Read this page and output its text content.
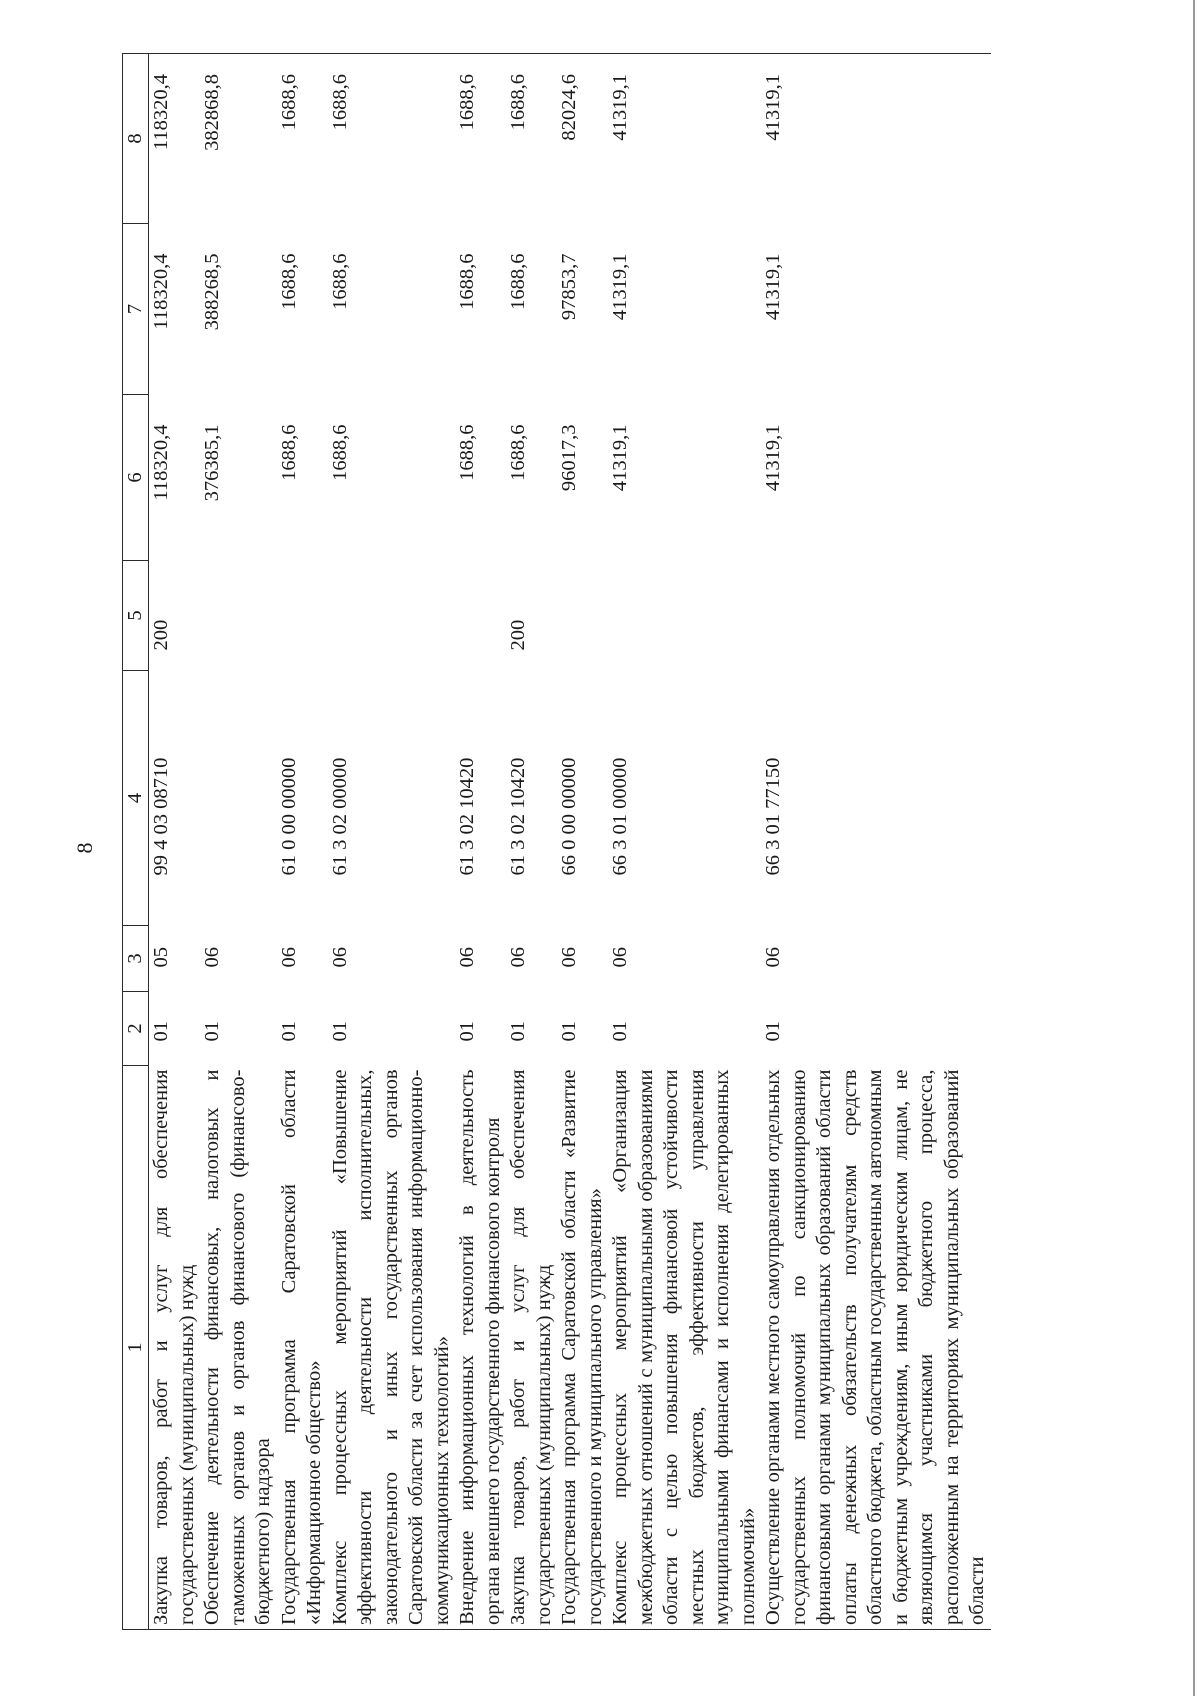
8
1	2	3	4	5	6	7	8
Закупка товаров, работ и услуг для обеспечения государственных (муниципальных) нужд	01	05	99 4 03 08710	200	118320,4	118320,4	118320,4
Обеспечение деятельности финансовых, налоговых и таможенных органов и органов финансового (финансово-бюджетного) надзора	01	06			376385,1	388268,5	382868,8
Государственная программа Саратовской области «Информационное общество»	01	06	61 0 00 00000		1688,6	1688,6	1688,6
Комплекс процессных мероприятий «Повышение эффективности деятельности исполнительных, законодательного и иных государственных органов Саратовской области за счет использования информационно-коммуникационных технологий»	01	06	61 3 02 00000		1688,6	1688,6	1688,6
Внедрение информационных технологий в деятельность органа внешнего государственного финансового контроля	01	06	61 3 02 10420		1688,6	1688,6	1688,6
Закупка товаров, работ и услуг для обеспечения государственных (муниципальных) нужд	01	06	61 3 02 10420	200	1688,6	1688,6	1688,6
Государственная программа Саратовской области «Развитие государственного и муниципального управления»	01	06	66 0 00 00000		96017,3	97853,7	82024,6
Комплекс процессных мероприятий «Организация межбюджетных отношений с муниципальными образованиями области с целью повышения финансовой устойчивости местных бюджетов, эффективности управления муниципальными финансами и исполнения делегированных полномочий»	01	06	66 3 01 00000		41319,1	41319,1	41319,1
Осуществление органами местного самоуправления отдельных государственных полномочий по санкционированию финансовыми органами муниципальных образований области оплаты денежных обязательств получателям средств областного бюджета, областным государственным автономным и бюджетным учреждениям, иным юридическим лицам, не являющимся участниками бюджетного процесса, расположенным на территориях муниципальных образований области	01	06	66 3 01 77150		41319,1	41319,1	41319,1
